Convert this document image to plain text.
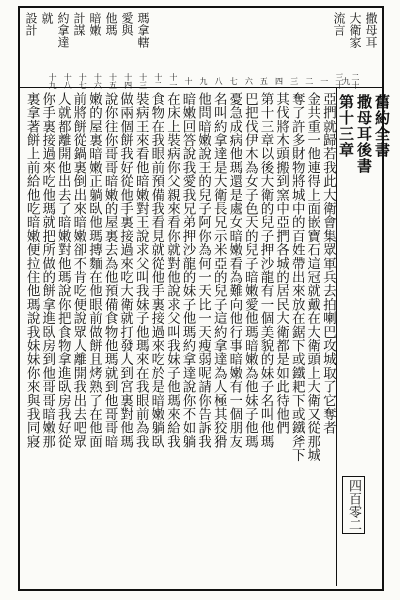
撒母耳
大衛家
流言
瑪拿轄
愛與
他瑪
暗嫩
計謀
約拿達
就
設計
二十九
三十
一
二
三
四
五
六
七
八
九
十
十一
十二
十三
十四
十五
十六
十七
十八
十九
第十三章 撒母耳後書 舊約全書
四百零二
亞捫就歸若我此大衛會集眾軍兵去拍喇巴攻城取了它奪者
金共重一他連得上面嵌寶石這冠就戴在大衛頭上大衛又從那城
奪了許多財物將城中的百姓帶出來放在鋸下或鐵耙下或鐵斧下
其伐將木頭搬到窯中亞捫各城的居民大衛都是如此待他們
第十三章以後大衛的兒子押沙龍有一個美貌的妹子名叫他瑪
巴把伐伊木為女子色天的兒子暗嫩愛他瑪暗嫩為他妹子他瑪
憂急成病他瑪還是處女暗嫩看為難向他行事暗嫩有一個朋友
名叫約拿達是大衛長兄示米亞的兒子這約拿達為人極其狡猾
他問暗嫩說王的兒子阿你為何一天比一天瘦弱呢請你告訴我
暗嫩回答說我愛我兄弟押沙龍的妹子他瑪約拿達說你不如躺
在床上裝病你父親來看你就對他說求父叫我妹子他瑪來給我
食物在我眼前預備我看見就從他手裏接過來吃於是暗嫩躺臥
裝病王來看他暗嫩對王說求父叫我妹子他瑪來在我眼前為我
做兩個餅我好從他手裏接過來吃大衛就打發人到宮裏對他瑪
說你往你哥哥暗嫩的屋裏去為他預備食物他瑪就到他哥哥暗
嫩的屋裏暗嫩正躺臥他瑪摶麵在他眼前做餅且烤熟了在他面
前將餅從鍋裏倒出來暗嫩卻不肯吃便說眾人離開我出去吧眾
人就都離開他出去了暗嫩對他瑪說你把食物拿進臥房我好從
你手裏接過來吃他瑪就把所做的餅拿進臥房到他哥哥暗嫩那
裏拿著餅上前給他吃暗嫩便拉住他瑪說我妹妹你來與我同寢
